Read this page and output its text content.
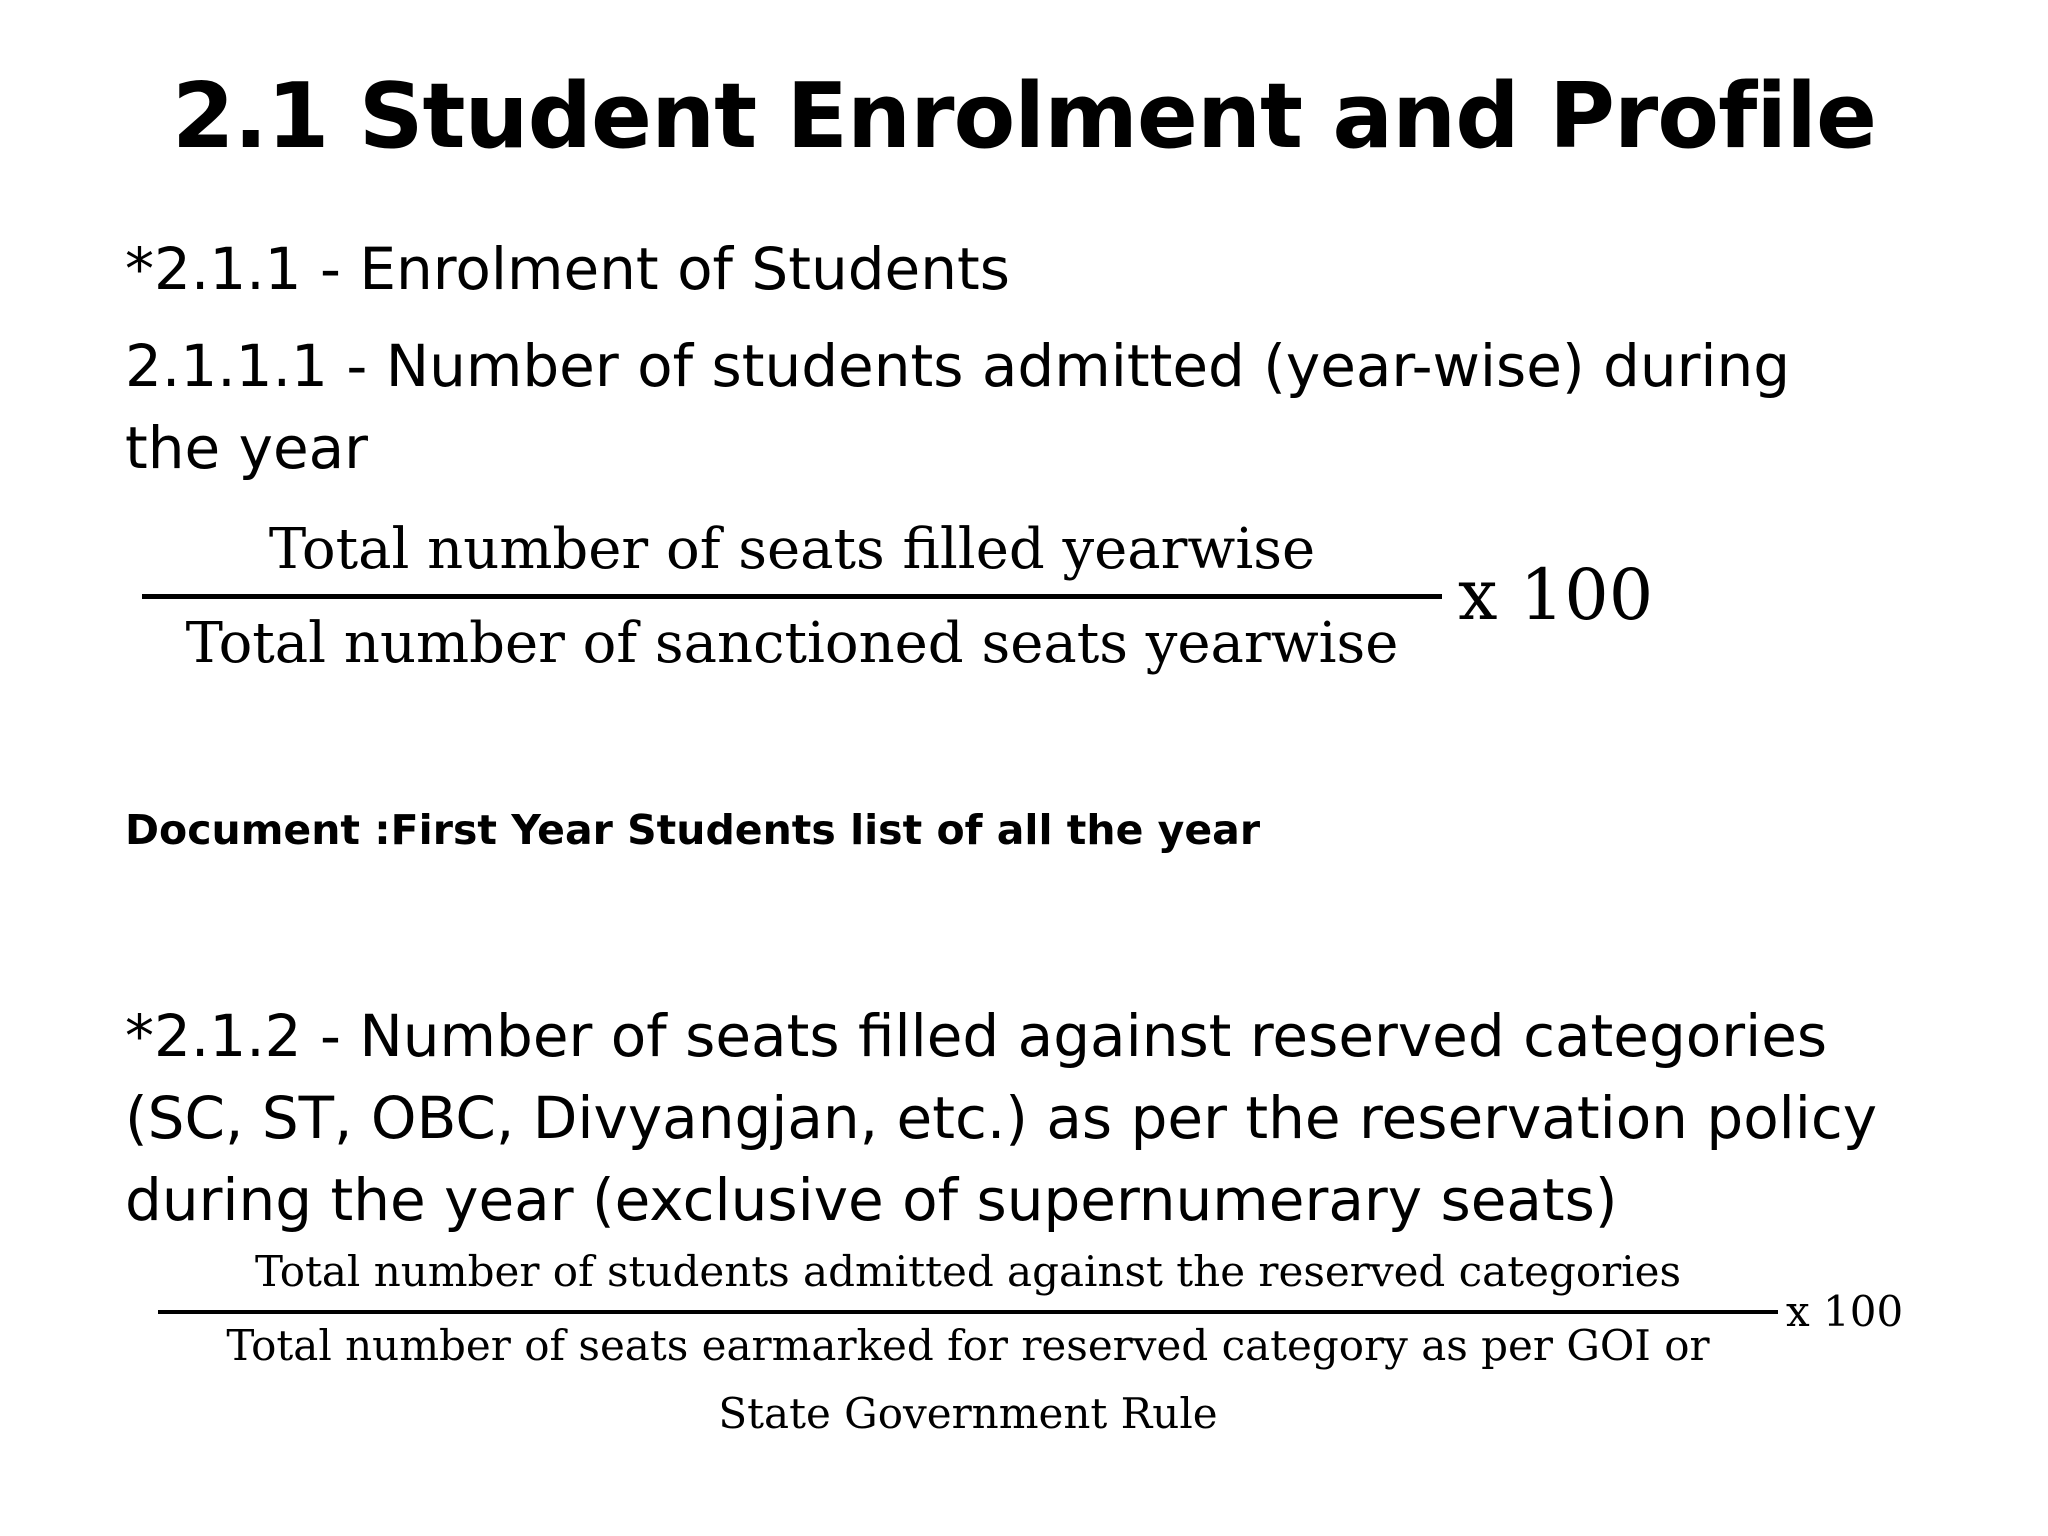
2.1 Student Enrolment and Profile
*2.1.1 - Enrolment of Students
2.1.1.1 - Number of students admitted (year-wise) during
the year
Total number of seats filled yearwise
Total number of sanctioned seats yearwise
x 100
Document :First Year Students list of all the year
*2.1.2 - Number of seats filled against reserved categories
(SC, ST, OBC, Divyangjan, etc.) as per the reservation policy
during the year (exclusive of supernumerary seats)
Total number of students admitted against the reserved categories
Total number of seats earmarked for reserved category as per GOI or
State Government Rule
x 100
